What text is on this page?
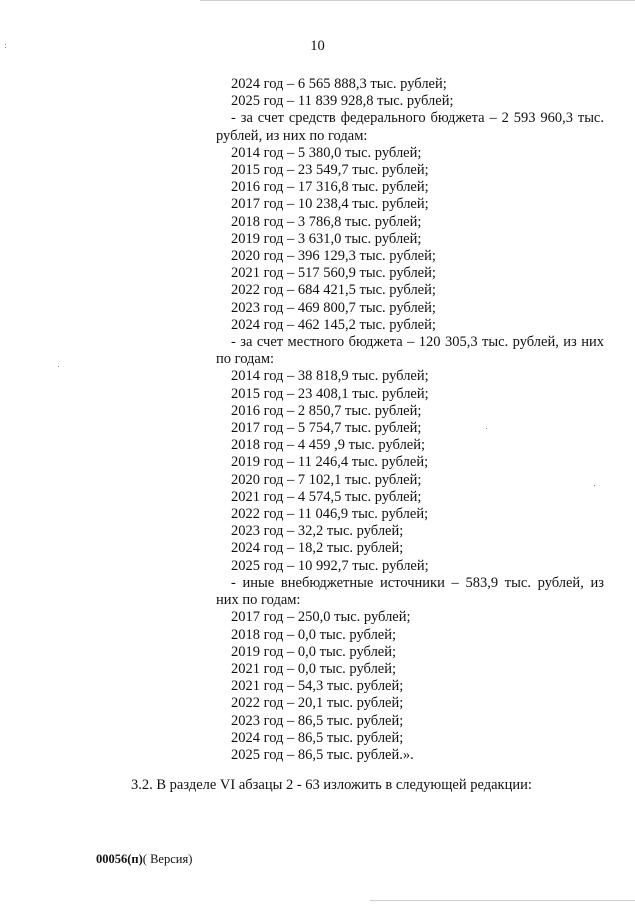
10
2024 год – 6 565 888,3 тыс. рублей;
2025 год – 11 839 928,8 тыс. рублей;
- за счет средств федерального бюджета – 2 593 960,3 тыс.
рублей, из них по годам:
2014 год – 5 380,0 тыс. рублей;
2015 год – 23 549,7 тыс. рублей;
2016 год – 17 316,8 тыс. рублей;
2017 год – 10 238,4 тыс. рублей;
2018 год – 3 786,8 тыс. рублей;
2019 год – 3 631,0 тыс. рублей;
2020 год – 396 129,3 тыс. рублей;
2021 год – 517 560,9 тыс. рублей;
2022 год – 684 421,5 тыс. рублей;
2023 год – 469 800,7 тыс. рублей;
2024 год – 462 145,2 тыс. рублей;
- за счет местного бюджета – 120 305,3 тыс. рублей, из них
по годам:
2014 год – 38 818,9 тыс. рублей;
2015 год – 23 408,1 тыс. рублей;
2016 год – 2 850,7 тыс. рублей;
2017 год – 5 754,7 тыс. рублей;
2018 год – 4 459 ,9 тыс. рублей;
2019 год – 11 246,4 тыс. рублей;
2020 год – 7 102,1 тыс. рублей;
2021 год – 4 574,5 тыс. рублей;
2022 год – 11 046,9 тыс. рублей;
2023 год – 32,2 тыс. рублей;
2024 год – 18,2 тыс. рублей;
2025 год – 10 992,7 тыс. рублей;
- иные внебюджетные источники – 583,9 тыс. рублей, из
них по годам:
2017 год – 250,0 тыс. рублей;
2018 год – 0,0 тыс. рублей;
2019 год – 0,0 тыс. рублей;
2021 год – 0,0 тыс. рублей;
2021 год – 54,3 тыс. рублей;
2022 год – 20,1 тыс. рублей;
2023 год – 86,5 тыс. рублей;
2024 год – 86,5 тыс. рублей;
2025 год – 86,5 тыс. рублей.».
3.2. В разделе VI абзацы 2 - 63 изложить в следующей редакции:
00056(п)( Версия)
